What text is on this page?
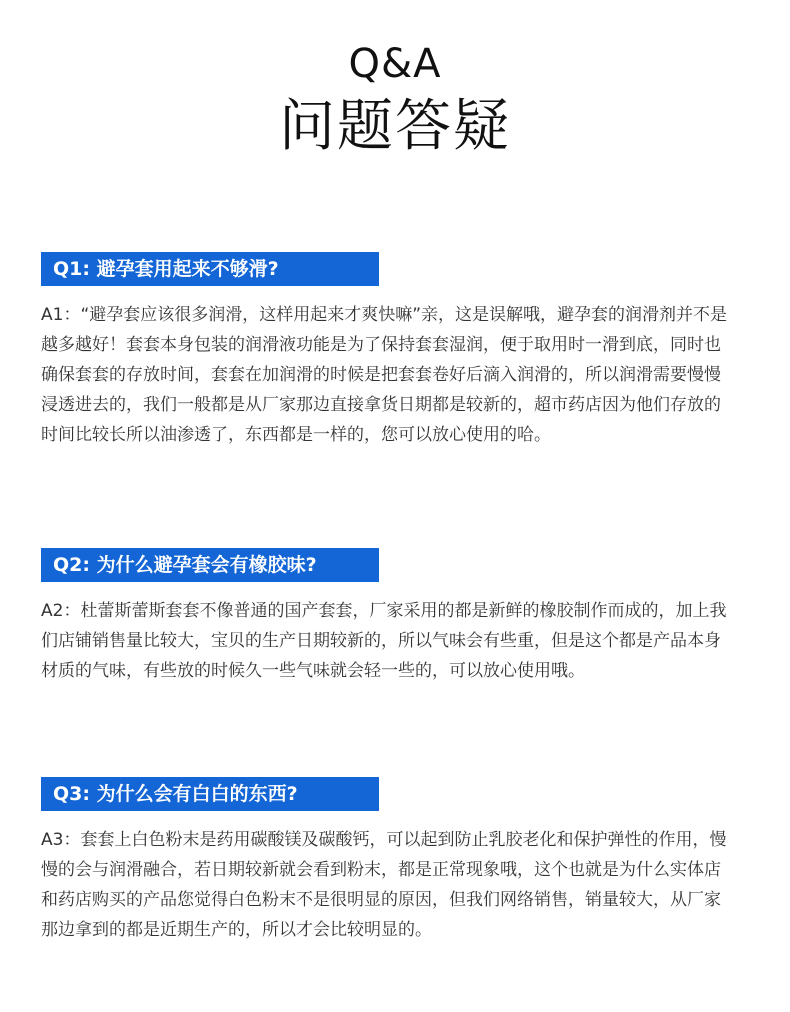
Q&A
问题答疑
Q1: 避孕套用起来不够滑?
A1：“避孕套应该很多润滑，这样用起来才爽快嘛”亲，这是误解哦，避孕套的润滑剂并不是越多越好！套套本身包装的润滑液功能是为了保持套套湿润，便于取用时一滑到底，同时也确保套套的存放时间，套套在加润滑的时候是把套套卷好后滴入润滑的，所以润滑需要慢慢浸透进去的，我们一般都是从厂家那边直接拿货日期都是较新的，超市药店因为他们存放的时间比较长所以油渗透了，东西都是一样的，您可以放心使用的哈。
Q2: 为什么避孕套会有橡胶味?
A2：杜蕾斯蕾斯套套不像普通的国产套套，厂家采用的都是新鲜的橡胶制作而成的，加上我们店铺销售量比较大，宝贝的生产日期较新的，所以气味会有些重，但是这个都是产品本身材质的气味，有些放的时候久一些气味就会轻一些的，可以放心使用哦。
Q3: 为什么会有白白的东西?
A3：套套上白色粉末是药用碳酸镁及碳酸钙，可以起到防止乳胶老化和保护弹性的作用，慢慢的会与润滑融合，若日期较新就会看到粉末，都是正常现象哦，这个也就是为什么实体店和药店购买的产品您觉得白色粉末不是很明显的原因，但我们网络销售，销量较大，从厂家那边拿到的都是近期生产的，所以才会比较明显的。
